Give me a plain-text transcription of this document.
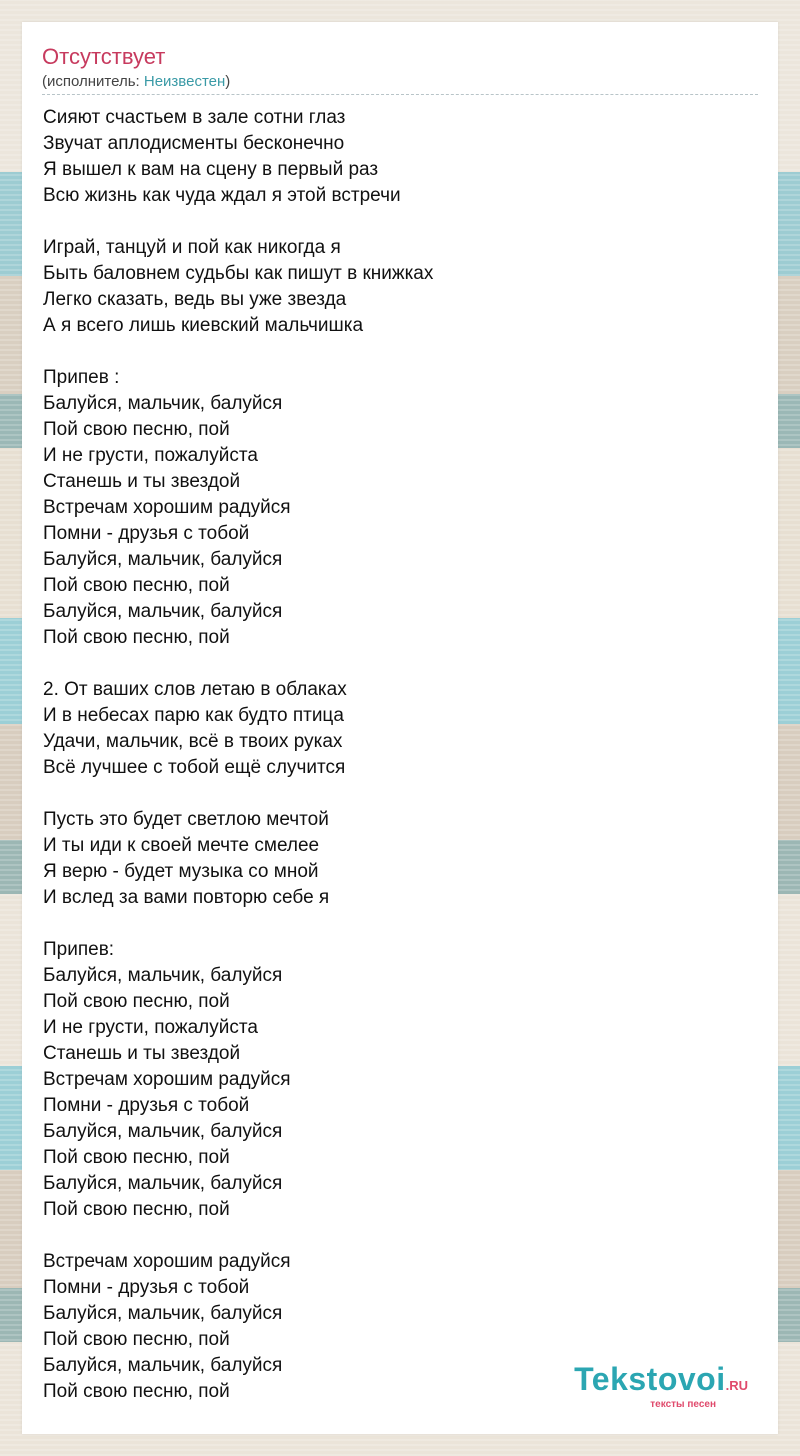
Отсутствует
(исполнитель: Неизвестен)
Сияют счастьем в зале сотни глаз
Звучат аплодисменты бесконечно
Я вышел к вам на сцену в первый раз
Всю жизнь как чуда ждал я этой встречи
Играй, танцуй и пой как никогда я
Быть баловнем судьбы как пишут в книжках
Легко сказать, ведь вы уже звезда
А я всего лишь киевский мальчишка
Припев :
Балуйся, мальчик, балуйся
Пой свою песню, пой
И не грусти, пожалуйста
Станешь и ты звездой
Встречам хорошим радуйся
Помни - друзья с тобой
Балуйся, мальчик, балуйся
Пой свою песню, пой
Балуйся, мальчик, балуйся
Пой свою песню, пой
2. От ваших слов летаю в облаках
И в небесах парю как будто птица
Удачи, мальчик, всё в твоих руках
Всё лучшее с тобой ещё случится
Пусть это будет светлою мечтой
И ты иди к своей мечте смелее
Я верю - будет музыка со мной
И вслед за вами повторю себе я
Припев:
Балуйся, мальчик, балуйся
Пой свою песню, пой
И не грусти, пожалуйста
Станешь и ты звездой
Встречам хорошим радуйся
Помни - друзья с тобой
Балуйся, мальчик, балуйся
Пой свою песню, пой
Балуйся, мальчик, балуйся
Пой свою песню, пой
Встречам хорошим радуйся
Помни - друзья с тобой
Балуйся, мальчик, балуйся
Пой свою песню, пой
Балуйся, мальчик, балуйся
Пой свою песню, пой	Tekstovoi.RU
тексты песен
